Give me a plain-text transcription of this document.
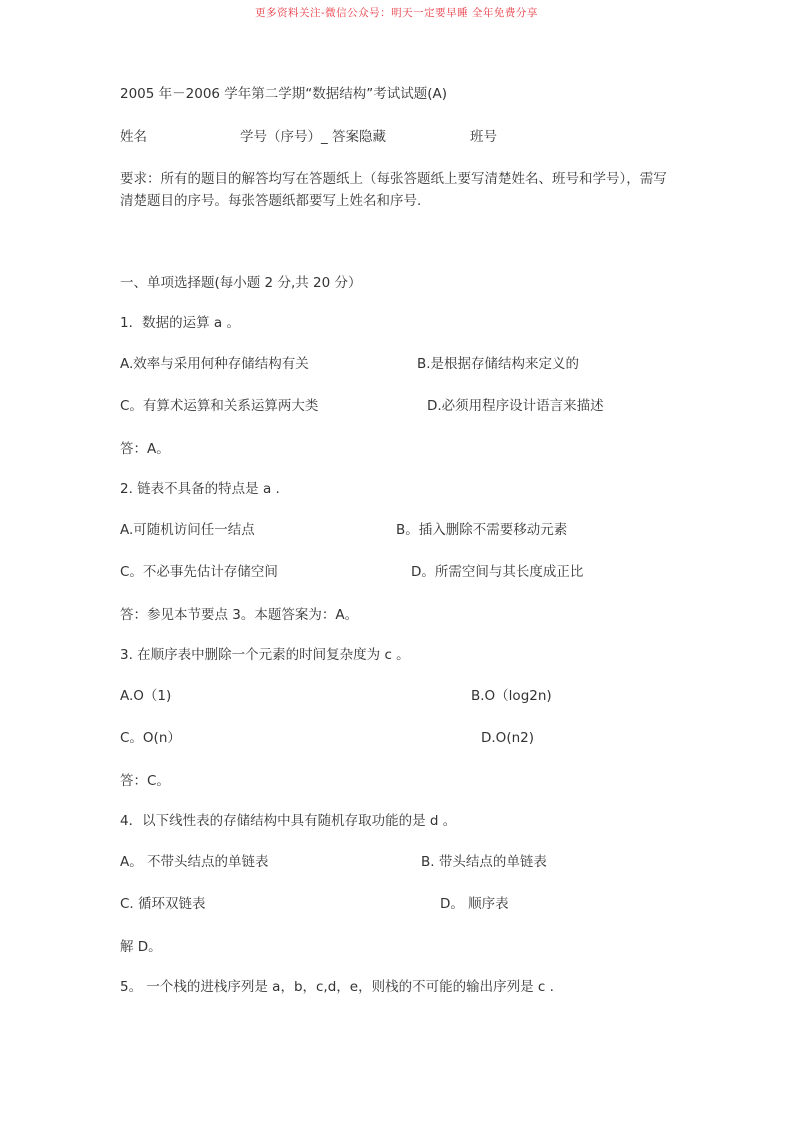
更多资料关注-微信公众号：明天一定要早睡 全年免费分享
2005 年－2006 学年第二学期“数据结构”考试试题(A)
姓名	学号（序号）_ 答案隐藏	班号
要求：所有的题目的解答均写在答题纸上（每张答题纸上要写清楚姓名、班号和学号），需写清楚题目的序号。每张答题纸都要写上姓名和序号.
一、单项选择题(每小题 2 分,共 20 分）
1．数据的运算 a 。
A.效率与采用何种存储结构有关	B.是根据存储结构来定义的
C。有算术运算和关系运算两大类	D.必须用程序设计语言来描述
答：A。
2. 链表不具备的特点是 a .
A.可随机访问任一结点	B。插入删除不需要移动元素
C。不必事先估计存储空间	D。所需空间与其长度成正比
答：参见本节要点 3。本题答案为：A。
3. 在顺序表中删除一个元素的时间复杂度为 c 。
A.O（1)	B.O（log2n)
C。O(n）	D.O(n2)
答：C。
4．以下线性表的存储结构中具有随机存取功能的是 d 。
A。 不带头结点的单链表	B. 带头结点的单链表
C. 循环双链表	D。 顺序表
解 D。
5。 一个栈的进栈序列是 a，b，c,d，e，则栈的不可能的输出序列是 c .
